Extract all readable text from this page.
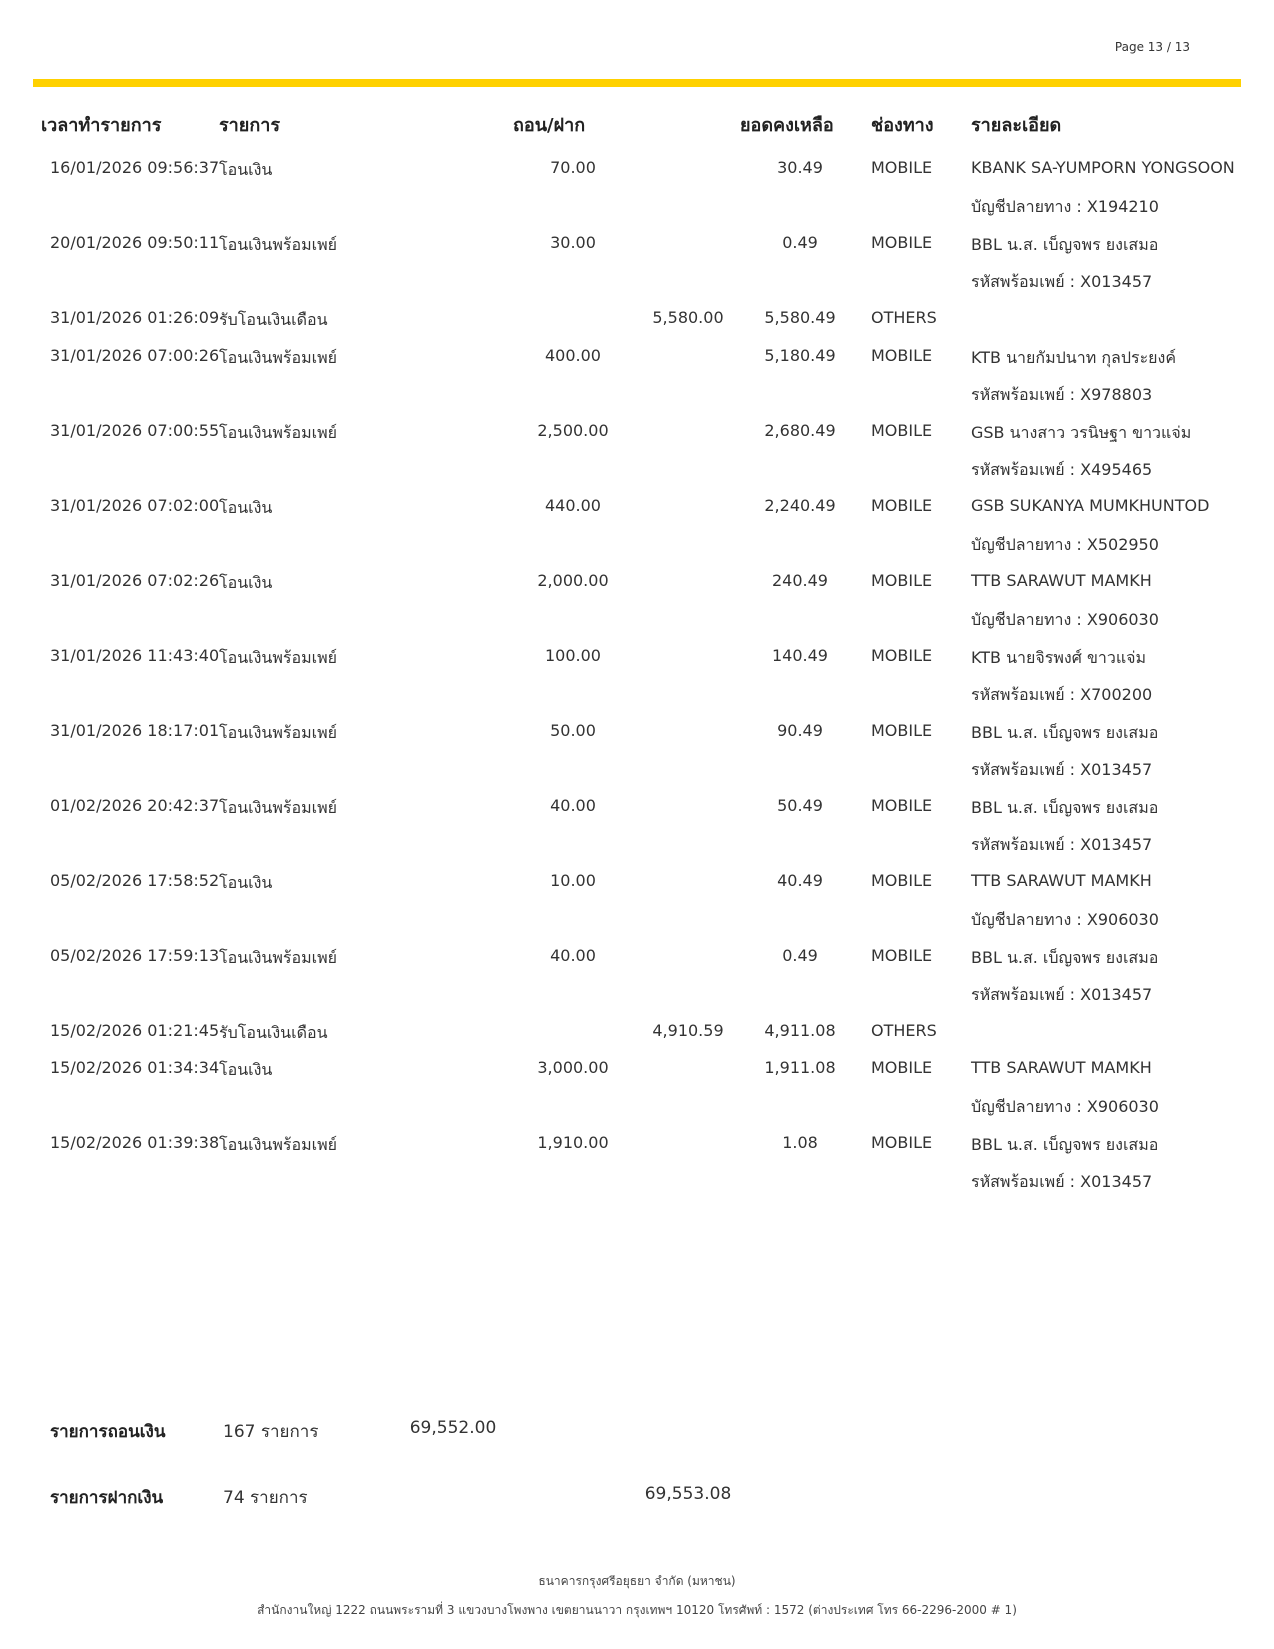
Page 13 / 13
เวลาทำรายการ	รายการ	ถอน/ฝาก	ยอดคงเหลือ ช่องทาง รายละเอียด
16/01/2026 09:56:37 โอนเงิน	70.00	30.49	MOBILE KBANK SA-YUMPORN YONGSOON
บัญชีปลายทาง : X194210
20/01/2026 09:50:11 โอนเงินพร้อมเพย์	30.00	0.49	MOBILE BBL น.ส. เบ็ญจพร ยงเสมอ
รหัสพร้อมเพย์ : X013457
31/01/2026 01:26:09 รับโอนเงินเดือน	5,580.00	5,580.49	OTHERS
31/01/2026 07:00:26 โอนเงินพร้อมเพย์	400.00	5,180.49	MOBILE KTB นายกัมปนาท กุลประยงค์
รหัสพร้อมเพย์ : X978803
31/01/2026 07:00:55 โอนเงินพร้อมเพย์	2,500.00	2,680.49	MOBILE GSB นางสาว วรนิษฐา ขาวแจ่ม
รหัสพร้อมเพย์ : X495465
31/01/2026 07:02:00 โอนเงิน	440.00	2,240.49	MOBILE GSB SUKANYA MUMKHUNTOD
บัญชีปลายทาง : X502950
31/01/2026 07:02:26 โอนเงิน	2,000.00	240.49	MOBILE TTB SARAWUT MAMKH
บัญชีปลายทาง : X906030
31/01/2026 11:43:40 โอนเงินพร้อมเพย์	100.00	140.49	MOBILE KTB นายจิรพงศ์ ขาวแจ่ม
รหัสพร้อมเพย์ : X700200
31/01/2026 18:17:01 โอนเงินพร้อมเพย์	50.00	90.49	MOBILE BBL น.ส. เบ็ญจพร ยงเสมอ
รหัสพร้อมเพย์ : X013457
01/02/2026 20:42:37 โอนเงินพร้อมเพย์	40.00	50.49	MOBILE BBL น.ส. เบ็ญจพร ยงเสมอ
รหัสพร้อมเพย์ : X013457
05/02/2026 17:58:52 โอนเงิน	10.00	40.49	MOBILE TTB SARAWUT MAMKH
บัญชีปลายทาง : X906030
05/02/2026 17:59:13 โอนเงินพร้อมเพย์	40.00	0.49	MOBILE BBL น.ส. เบ็ญจพร ยงเสมอ
รหัสพร้อมเพย์ : X013457
15/02/2026 01:21:45 รับโอนเงินเดือน	4,910.59	4,911.08	OTHERS
15/02/2026 01:34:34 โอนเงิน	3,000.00	1,911.08	MOBILE TTB SARAWUT MAMKH
บัญชีปลายทาง : X906030
15/02/2026 01:39:38 โอนเงินพร้อมเพย์	1,910.00	1.08	MOBILE BBL น.ส. เบ็ญจพร ยงเสมอ
รหัสพร้อมเพย์ : X013457
รายการถอนเงิน	167 รายการ	69,552.00
รายการฝากเงิน	74 รายการ	69,553.08
ธนาคารกรุงศรีอยุธยา จำกัด (มหาชน)
สำนักงานใหญ่ 1222 ถนนพระรามที่ 3 แขวงบางโพงพาง เขตยานนาวา กรุงเทพฯ 10120 โทรศัพท์ : 1572 (ต่างประเทศ โทร 66-2296-2000 # 1)
